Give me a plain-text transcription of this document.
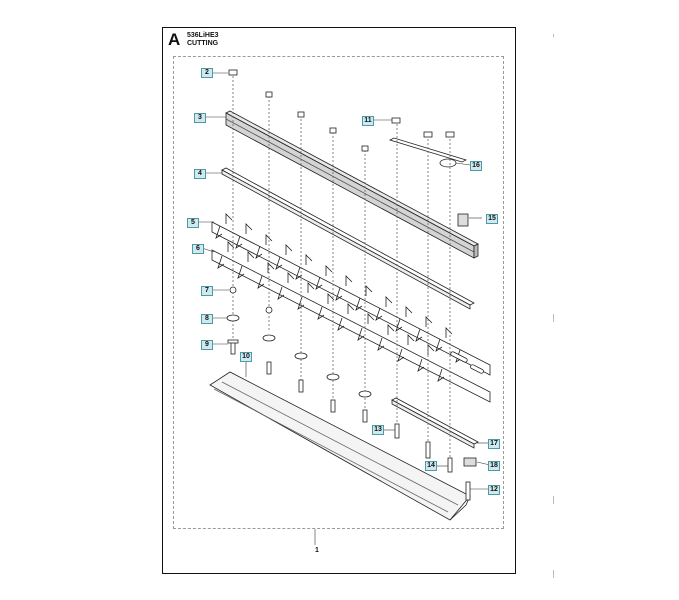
A 536LiHE3
CUTTING
2
3
4
5
6
7
8
9
10
11
15
16
13
14
17
18
12
1
